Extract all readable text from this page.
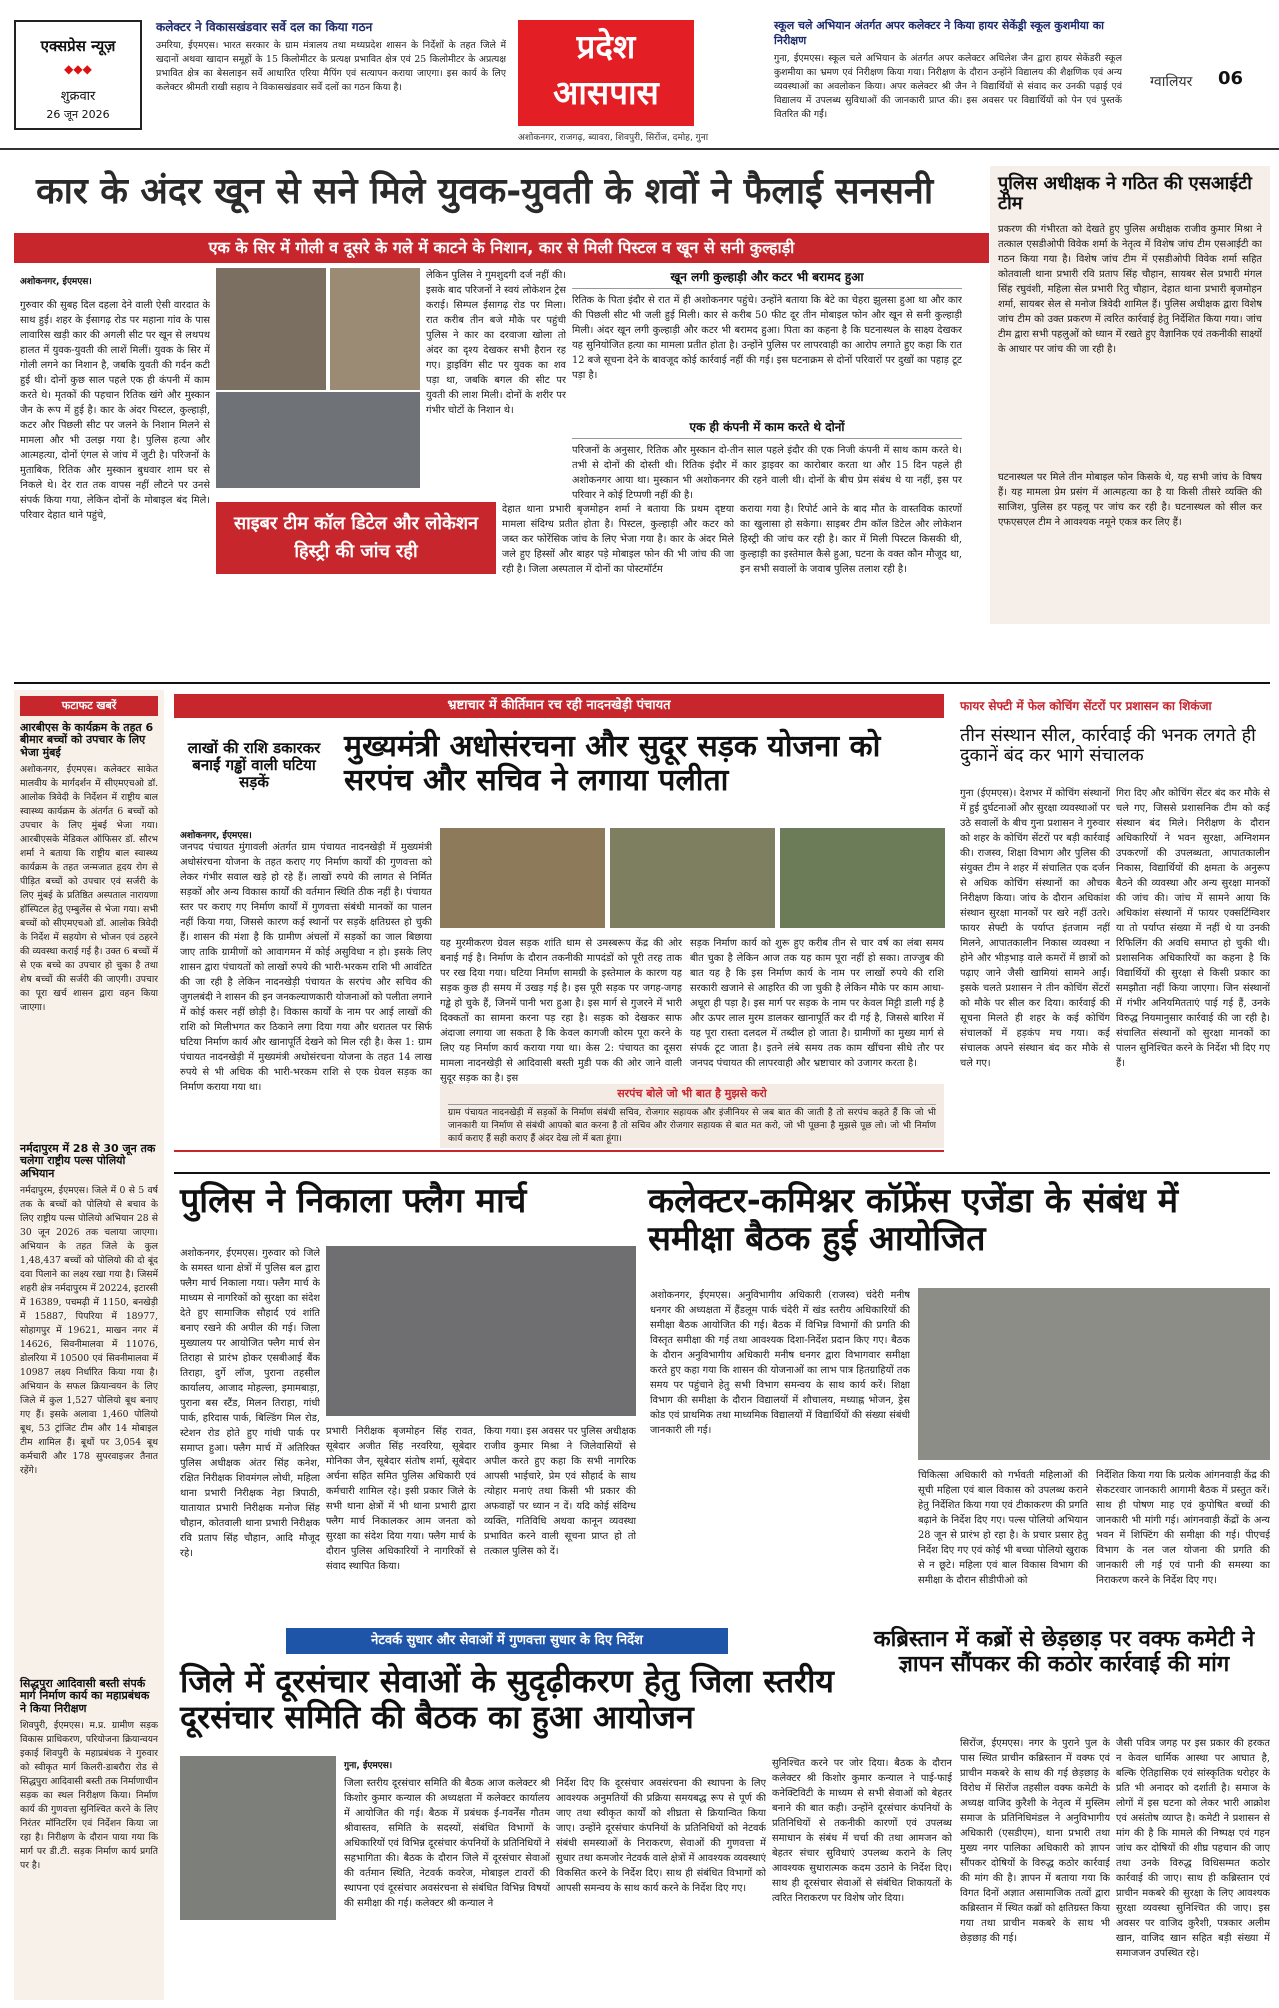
एक्सप्रेस न्यूज़
◆◆◆
शुक्रवार
26 जून 2026
कलेक्टर ने विकासखंडवार सर्वे दल का किया गठन
उमरिया, ईएमएस। भारत सरकार के ग्राम मंत्रालय तथा मध्यप्रदेश शासन के निर्देशों के तहत जिले में खदानों अथवा खादान समूहों के 15 किलोमीटर के प्रत्यक्ष प्रभावित क्षेत्र एवं 25 किलोमीटर के अप्रत्यक्ष प्रभावित क्षेत्र का बेसलाइन सर्वे आधारित एरिया मैपिंग एवं सत्यापन कराया जाएगा। इस कार्य के लिए कलेक्टर श्रीमती राखी सहाय ने विकासखंडवार सर्वे दलों का गठन किया है।
प्रदेश
आसपास
अशोकनगर, राजगढ़, ब्यावरा, शिवपुरी, सिरोंज, दमोह, गुना
स्कूल चले अभियान अंतर्गत अपर कलेक्टर ने किया हायर सेकेंड्री स्कूल कुशमीया का निरीक्षण
गुना, ईएमएस। स्कूल चले अभियान के अंतर्गत अपर कलेक्टर अधिलेश जैन द्वारा हायर सेकेंडरी स्कूल कुशमीया का भ्रमण एवं निरीक्षण किया गया। निरीक्षण के दौरान उन्होंने विद्यालय की शैक्षणिक एवं अन्य व्यवस्थाओं का अवलोकन किया। अपर कलेक्टर श्री जैन ने विद्यार्थियों से संवाद कर उनकी पढ़ाई एवं विद्यालय में उपलब्ध सुविधाओं की जानकारी प्राप्त की। इस अवसर पर विद्यार्थियों को पेन एवं पुस्तकें वितरित की गईं।
ग्वालियर 06
कार के अंदर खून से सने मिले युवक-युवती के शवों ने फैलाई सनसनी
एक के सिर में गोली व दूसरे के गले में काटने के निशान, कार से मिली पिस्टल व खून से सनी कुल्हाड़ी
अशोकनगर, ईएमएस।
गुरुवार की सुबह दिल दहला देने वाली ऐसी वारदात के साथ हुई। शहर के ईसागढ़ रोड पर महाना गांव के पास लावारिस खड़ी कार की अगली सीट पर खून से लथपथ हालत में युवक-युवती की लाशें मिलीं। युवक के सिर में गोली लगने का निशान है, जबकि युवती की गर्दन कटी हुई थी। दोनों कुछ साल पहले एक ही कंपनी में काम करते थे। मृतकों की पहचान रितिक खंगे और मुस्कान जैन के रूप में हुई है। कार के अंदर पिस्टल, कुल्हाड़ी, कटर और पिछली सीट पर जलने के निशान मिलने से मामला और भी उलझ गया है। पुलिस हत्या और आत्महत्या, दोनों एंगल से जांच में जुटी है। परिजनों के मुताबिक, रितिक और मुस्कान बुधवार शाम घर से निकले थे। देर रात तक वापस नहीं लौटने पर उनसे संपर्क किया गया, लेकिन दोनों के मोबाइल बंद मिले। परिवार देहात थाने पहुंचे,
लेकिन पुलिस ने गुमशुदगी दर्ज नहीं की। इसके बाद परिजनों ने स्वयं लोकेशन ट्रेस कराई। सिम्पल ईसागढ़ रोड पर मिला। रात करीब तीन बजे मौके पर पहुंची पुलिस ने कार का दरवाजा खोला तो अंदर का दृश्य देखकर सभी हैरान रह गए। ड्राइविंग सीट पर युवक का शव पड़ा था, जबकि बगल की सीट पर युवती की लाश मिली। दोनों के शरीर पर गंभीर चोटों के निशान थे।
खून लगी कुल्हाड़ी और कटर भी बरामद हुआ
रितिक के पिता इंदौर से रात में ही अशोकनगर पहुंचे। उन्होंने बताया कि बेटे का चेहरा झुलसा हुआ था और कार की पिछली सीट भी जली हुई मिली। कार से करीब 50 फीट दूर तीन मोबाइल फोन और खून से सनी कुल्हाड़ी मिली। अंदर खून लगी कुल्हाड़ी और कटर भी बरामद हुआ। पिता का कहना है कि घटनास्थल के साक्ष्य देखकर यह सुनियोजित हत्या का मामला प्रतीत होता है। उन्होंने पुलिस पर लापरवाही का आरोप लगाते हुए कहा कि रात 12 बजे सूचना देने के बावजूद कोई कार्रवाई नहीं की गई। इस घटनाक्रम से दोनों परिवारों पर दुखों का पहाड़ टूट पड़ा है।
एक ही कंपनी में काम करते थे दोनों
परिजनों के अनुसार, रितिक और मुस्कान दो-तीन साल पहले इंदौर की एक निजी कंपनी में साथ काम करते थे। तभी से दोनों की दोस्ती थी। रितिक इंदौर में कार ड्राइवर का कारोबार करता था और 15 दिन पहले ही अशोकनगर आया था। मुस्कान भी अशोकनगर की रहने वाली थी। दोनों के बीच प्रेम संबंध थे या नहीं, इस पर परिवार ने कोई टिप्पणी नहीं की है।
साइबर टीम कॉल डिटेल और लोकेशन हिस्ट्री की जांच रही
देहात थाना प्रभारी बृजमोहन शर्मा ने बताया कि प्रथम दृष्टया मामला संदिग्ध प्रतीत होता है। पिस्टल, कुल्हाड़ी और कटर को जब्त कर फोरेंसिक जांच के लिए भेजा गया है। कार के अंदर मिले जले हुए हिस्सों और बाहर पड़े मोबाइल फोन की भी जांच की जा रही है। जिला अस्पताल में दोनों का पोस्टमॉर्टम
कराया गया है। रिपोर्ट आने के बाद मौत के वास्तविक कारणों का खुलासा हो सकेगा। साइबर टीम कॉल डिटेल और लोकेशन हिस्ट्री की जांच कर रही है। कार में मिली पिस्टल किसकी थी, कुल्हाड़ी का इस्तेमाल कैसे हुआ, घटना के वक्त कौन मौजूद था, इन सभी सवालों के जवाब पुलिस तलाश रही है।
पुलिस अधीक्षक ने गठित की एसआईटी टीम
प्रकरण की गंभीरता को देखते हुए पुलिस अधीक्षक राजीव कुमार मिश्रा ने तत्काल एसडीओपी विवेक शर्मा के नेतृत्व में विशेष जांच टीम एसआईटी का गठन किया गया है। विशेष जांच टीम में एसडीओपी विवेक शर्मा सहित कोतवाली थाना प्रभारी रवि प्रताप सिंह चौहान, सायबर सेल प्रभारी मंगल सिंह रघुवंशी, महिला सेल प्रभारी रितु चौहान, देहात थाना प्रभारी बृजमोहन शर्मा, सायबर सेल से मनोज त्रिवेदी शामिल हैं। पुलिस अधीक्षक द्वारा विशेष जांच टीम को उक्त प्रकरण में त्वरित कार्रवाई हेतु निर्देशित किया गया। जांच टीम द्वारा सभी पहलुओं को ध्यान में रखते हुए वैज्ञानिक एवं तकनीकी साक्ष्यों के आधार पर जांच की जा रही है।
घटनास्थल पर मिले तीन मोबाइल फोन किसके थे, यह सभी जांच के विषय हैं। यह मामला प्रेम प्रसंग में आत्महत्या का है या किसी तीसरे व्यक्ति की साजिश, पुलिस हर पहलू पर जांच कर रही है। घटनास्थल को सील कर एफएसएल टीम ने आवश्यक नमूने एकत्र कर लिए हैं।
फटाफट खबरें
आरबीएस के कार्यक्रम के तहत 6 बीमार बच्चों को उपचार के लिए भेजा मुंबई
अशोकनगर, ईएमएस। कलेक्टर साकेत मालवीय के मार्गदर्शन में सीएमएचओ डॉ. आलोक त्रिवेदी के निर्देशन में राष्ट्रीय बाल स्वास्थ्य कार्यक्रम के अंतर्गत 6 बच्चों को उपचार के लिए मुंबई भेजा गया। आरबीएसके मेडिकल ऑफिसर डॉ. सौरभ शर्मा ने बताया कि राष्ट्रीय बाल स्वास्थ्य कार्यक्रम के तहत जन्मजात हृदय रोग से पीड़ित बच्चों को उपचार एवं सर्जरी के लिए मुंबई के प्रतिष्ठित अस्पताल नारायणा हॉस्पिटल हेतु एम्बुलेंस से भेजा गया। सभी बच्चों को सीएमएचओ डॉ. आलोक त्रिवेदी के निर्देश में सहयोग से भोजन एवं ठहरने की व्यवस्था कराई गई है। उक्त 6 बच्चों में से एक बच्चे का उपचार हो चुका है तथा शेष बच्चों की सर्जरी की जाएगी। उपचार का पूरा खर्च शासन द्वारा वहन किया जाएगा।
नर्मदापुरम में 28 से 30 जून तक चलेगा राष्ट्रीय पल्स पोलियो अभियान
नर्मदापुरम, ईएमएस। जिले में 0 से 5 वर्ष तक के बच्चों को पोलियो से बचाव के लिए राष्ट्रीय पल्स पोलियो अभियान 28 से 30 जून 2026 तक चलाया जाएगा। अभियान के तहत जिले के कुल 1,48,437 बच्चों को पोलियो की दो बूंद दवा पिलाने का लक्ष्य रखा गया है। जिसमें शहरी क्षेत्र नर्मदापुरम में 20224, इटारसी में 16389, पचमढ़ी में 1150, बनखेड़ी में 15887, पिपरिया में 18977, सोहागपुर में 19621, माखन नगर में 14626, सिवनीमालवा में 11076, डोलरिया में 10500 एवं सिवनीमालवा में 10987 लक्ष्य निर्धारित किया गया है। अभियान के सफल क्रियान्वयन के लिए जिले में कुल 1,527 पोलियो बूथ बनाए गए हैं। इसके अलावा 1,460 पोलियो बूथ, 53 ट्रांजिट टीम और 14 मोबाइल टीम शामिल हैं। बूथों पर 3,054 बूथ कर्मचारी और 178 सुपरवाइजर तैनात रहेंगे।
सिद्धपुरा आदिवासी बस्ती संपर्क मार्ग निर्माण कार्य का महाप्रबंधक ने किया निरीक्षण
शिवपुरी, ईएमएस। म.प्र. ग्रामीण सड़क विकास प्राधिकरण, परियोजना क्रियान्वयन इकाई शिवपुरी के महाप्रबंधक ने गुरुवार को स्वीकृत मार्ग किलरी-डाबरौरा रोड से सिद्धपुरा आदिवासी बस्ती तक निर्माणाधीन सड़क का स्थल निरीक्षण किया। निर्माण कार्य की गुणवत्ता सुनिश्चित करने के लिए निरंतर मॉनिटरिंग एवं निर्देशन किया जा रहा है। निरीक्षण के दौरान पाया गया कि मार्ग पर डी.टी. सड़क निर्माण कार्य प्रगति पर है।
भ्रष्टाचार में कीर्तिमान रच रही नादनखेड़ी पंचायत
लाखों की राशि डकारकर बनाईं गड्ढों वाली घटिया सड़कें
मुख्यमंत्री अधोसंरचना और सुदूर सड़क योजना को सरपंच और सचिव ने लगाया पलीता
अशोकनगर, ईएमएस।
जनपद पंचायत मुंगावली अंतर्गत ग्राम पंचायत नादनखेड़ी में मुख्यमंत्री अधोसंरचना योजना के तहत कराए गए निर्माण कार्यों की गुणवत्ता को लेकर गंभीर सवाल खड़े हो रहे हैं। लाखों रुपये की लागत से निर्मित सड़कों और अन्य विकास कार्यों की वर्तमान स्थिति ठीक नहीं है। पंचायत स्तर पर कराए गए निर्माण कार्यों में गुणवत्ता संबंधी मानकों का पालन नहीं किया गया, जिससे कारण कई स्थानों पर सड़कें क्षतिग्रस्त हो चुकी हैं। शासन की मंशा है कि ग्रामीण अंचलों में सड़कों का जाल बिछाया जाए ताकि ग्रामीणों को आवागमन में कोई असुविधा न हो। इसके लिए शासन द्वारा पंचायतों को लाखों रुपये की भारी-भरकम राशि भी आवंटित की जा रही है लेकिन नादनखेड़ी पंचायत के सरपंच और सचिव की जुगलबंदी ने शासन की इन जनकल्याणकारी योजनाओं को पलीता लगाने में कोई कसर नहीं छोड़ी है। विकास कार्यों के नाम पर आई लाखों की राशि को मिलीभगत कर ठिकाने लगा दिया गया और धरातल पर सिर्फ घटिया निर्माण कार्य और खानापूर्ति देखने को मिल रही है। केस 1: ग्राम पंचायत नादनखेड़ी में मुख्यमंत्री अधोसंरचना योजना के तहत 14 लाख रुपये से भी अधिक की भारी-भरकम राशि से एक ग्रेवल सड़क का निर्माण कराया गया था।
यह मुरमीकरण ग्रेवल सड़क शांति धाम से उमस्बरूप केंद्र की ओर बनाई गई है। निर्माण के दौरान तकनीकी मापदंडों को पूरी तरह ताक पर रख दिया गया। घटिया निर्माण सामग्री के इस्तेमाल के कारण यह सड़क कुछ ही समय में उखड़ गई है। इस पूरी सड़क पर जगह-जगह गड्ढे हो चुके हैं, जिनमें पानी भरा हुआ है। इस मार्ग से गुजरने में भारी दिक्कतों का सामना करना पड़ रहा है। सड़क को देखकर साफ अंदाजा लगाया जा सकता है कि केवल कागजी कोरम पूरा करने के लिए यह निर्माण कार्य कराया गया था। केस 2: पंचायत का दूसरा मामला नादनखेड़ी से आदिवासी बस्ती मुडी पक की ओर जाने वाली सुदूर सड़क का है। इस
सड़क निर्माण कार्य को शुरू हुए करीब तीन से चार वर्ष का लंबा समय बीत चुका है लेकिन आज तक यह काम पूरा नहीं हो सका। ताज्जुब की बात यह है कि इस निर्माण कार्य के नाम पर लाखों रुपये की राशि सरकारी खजाने से आहरित की जा चुकी है लेकिन मौके पर काम आधा-अधूरा ही पड़ा है। इस मार्ग पर सड़क के नाम पर केवल मिट्टी डाली गई है और ऊपर लाल मुरम डालकर खानापूर्ति कर दी गई है, जिससे बारिश में यह पूरा रास्ता दलदल में तब्दील हो जाता है। ग्रामीणों का मुख्य मार्ग से संपर्क टूट जाता है। इतने लंबे समय तक काम खींचना सीधे तौर पर जनपद पंचायत की लापरवाही और भ्रष्टाचार को उजागर करता है।
फायर सेफ्टी में फेल कोचिंग सेंटरों पर प्रशासन का शिकंजा
तीन संस्थान सील, कार्रवाई की भनक लगते ही दुकानें बंद कर भागे संचालक
गुना (ईएमएस)। देशभर में कोचिंग संस्थानों में हुई दुर्घटनाओं और सुरक्षा व्यवस्थाओं पर उठे सवालों के बीच गुना प्रशासन ने गुरुवार को शहर के कोचिंग सेंटरों पर बड़ी कार्रवाई की। राजस्व, शिक्षा विभाग और पुलिस की संयुक्त टीम ने शहर में संचालित एक दर्जन से अधिक कोचिंग संस्थानों का औचक निरीक्षण किया। जांच के दौरान अधिकांश संस्थान सुरक्षा मानकों पर खरे नहीं उतरे। फायर सेफ्टी के पर्याप्त इंतजाम नहीं मिलने, आपातकालीन निकास व्यवस्था न होने और भीड़भाड़ वाले कमरों में छात्रों को पढ़ाए जाने जैसी खामियां सामने आईं। इसके चलते प्रशासन ने तीन कोचिंग सेंटरों को मौके पर सील कर दिया। कार्रवाई की सूचना मिलते ही शहर के कई कोचिंग संचालकों में हड़कंप मच गया। कई संचालक अपने संस्थान बंद कर मौके से चले गए।
गिरा दिए और कोचिंग सेंटर बंद कर मौके से चले गए, जिससे प्रशासनिक टीम को कई संस्थान बंद मिले। निरीक्षण के दौरान अधिकारियों ने भवन सुरक्षा, अग्निशमन उपकरणों की उपलब्धता, आपातकालीन निकास, विद्यार्थियों की क्षमता के अनुरूप बैठने की व्यवस्था और अन्य सुरक्षा मानकों की जांच की। जांच में सामने आया कि अधिकांश संस्थानों में फायर एक्सटिंग्विशर या तो पर्याप्त संख्या में नहीं थे या उनकी रिफिलिंग की अवधि समाप्त हो चुकी थी। प्रशासनिक अधिकारियों का कहना है कि विद्यार्थियों की सुरक्षा से किसी प्रकार का समझौता नहीं किया जाएगा। जिन संस्थानों में गंभीर अनियमितताएं पाई गई हैं, उनके विरुद्ध नियमानुसार कार्रवाई की जा रही है। संचालित संस्थानों को सुरक्षा मानकों का पालन सुनिश्चित करने के निर्देश भी दिए गए हैं।
पुलिस ने निकाला फ्लैग मार्च
अशोकनगर, ईएमएस। गुरुवार को जिले के समस्त थाना क्षेत्रों में पुलिस बल द्वारा फ्लैग मार्च निकाला गया। फ्लैग मार्च के माध्यम से नागरिकों को सुरक्षा का संदेश देते हुए सामाजिक सौहार्द एवं शांति बनाए रखने की अपील की गई। जिला मुख्यालय पर आयोजित फ्लैग मार्च सेन तिराहा से प्रारंभ होकर एसबीआई बैंक तिराहा, दुर्गे लॉज, पुराना तहसील कार्यालय, आजाद मोहल्ला, इमामबाड़ा, पुराना बस स्टैंड, मिलन तिराहा, गांधी पार्क, हरिदास पार्क, बिल्डिंग मिल रोड, स्टेशन रोड होते हुए गांधी पार्क पर समाप्त हुआ। फ्लैग मार्च में अतिरिक्त पुलिस अधीक्षक अंतर सिंह कनेश, रक्षित निरीक्षक शिवमंगल लोधी, महिला थाना प्रभारी निरीक्षक नेहा त्रिपाठी, यातायात प्रभारी निरीक्षक मनोज सिंह चौहान, कोतवाली थाना प्रभारी निरीक्षक रवि प्रताप सिंह चौहान, आदि मौजूद रहे।
प्रभारी निरीक्षक बृजमोहन सिंह रावत, सूबेदार अजीत सिंह नरवरिया, सूबेदार मोनिका जैन, सूबेदार संतोष शर्मा, सूबेदार अर्चना सहित समित पुलिस अधिकारी एवं कर्मचारी शामिल रहे। इसी प्रकार जिले के सभी थाना क्षेत्रों में भी थाना प्रभारी द्वारा फ्लैग मार्च निकालकर आम जनता को सुरक्षा का संदेश दिया गया। फ्लैग मार्च के दौरान पुलिस अधिकारियों ने नागरिकों से संवाद स्थापित किया।
किया गया। इस अवसर पर पुलिस अधीक्षक राजीव कुमार मिश्रा ने जिलेवासियों से अपील करते हुए कहा कि सभी नागरिक आपसी भाईचारे, प्रेम एवं सौहार्द के साथ त्योहार मनाएं तथा किसी भी प्रकार की अफवाहों पर ध्यान न दें। यदि कोई संदिग्ध व्यक्ति, गतिविधि अथवा कानून व्यवस्था प्रभावित करने वाली सूचना प्राप्त हो तो तत्काल पुलिस को दें।
कलेक्टर-कमिश्नर कॉफ्रेंस एजेंडा के संबंध में समीक्षा बैठक हुई आयोजित
अशोकनगर, ईएमएस। अनुविभागीय अधिकारी (राजस्व) चंदेरी मनीष धनगर की अध्यक्षता में हैंडलूम पार्क चंदेरी में खंड स्तरीय अधिकारियों की समीक्षा बैठक आयोजित की गई। बैठक में विभिन्न विभागों की प्रगति की विस्तृत समीक्षा की गई तथा आवश्यक दिशा-निर्देश प्रदान किए गए। बैठक के दौरान अनुविभागीय अधिकारी मनीष धनगर द्वारा विभागवार समीक्षा करते हुए कहा गया कि शासन की योजनाओं का लाभ पात्र हितग्राहियों तक समय पर पहुंचाने हेतु सभी विभाग समन्वय के साथ कार्य करें। शिक्षा विभाग की समीक्षा के दौरान विद्यालयों में शौचालय, मध्याह्न भोजन, ड्रेस कोड एवं प्राथमिक तथा माध्यमिक विद्यालयों में विद्यार्थियों की संख्या संबंधी जानकारी ली गई।
चिकित्सा अधिकारी को गर्भवती महिलाओं की सूची महिला एवं बाल विकास को उपलब्ध कराने हेतु निर्देशित किया गया एवं टीकाकरण की प्रगति बढ़ाने के निर्देश दिए गए। पल्स पोलियो अभियान 28 जून से प्रारंभ हो रहा है। के प्रचार प्रसार हेतु निर्देश दिए गए एवं कोई भी बच्चा पोलियो खुराक से न छूटे। महिला एवं बाल विकास विभाग की समीक्षा के दौरान सीडीपीओ को
निर्देशित किया गया कि प्रत्येक आंगनवाड़ी केंद्र की सेकटरवार जानकारी आगामी बैठक में प्रस्तुत करें। साथ ही पोषण माह एवं कुपोषित बच्चों की जानकारी भी मांगी गई। आंगनवाड़ी केंद्रों के अन्य भवन में शिफ्टिंग की समीक्षा की गई। पीएचई विभाग के नल जल योजना की प्रगति की जानकारी ली गई एवं पानी की समस्या का निराकरण करने के निर्देश दिए गए।
नेटवर्क सुधार और सेवाओं में गुणवत्ता सुधार के दिए निर्देश
जिले में दूरसंचार सेवाओं के सुदृढ़ीकरण हेतु जिला स्तरीय दूरसंचार समिति की बैठक का हुआ आयोजन
गुना, ईएमएस।
जिला स्तरीय दूरसंचार समिति की बैठक आज कलेक्टर श्री किशोर कुमार कन्याल की अध्यक्षता में कलेक्टर कार्यालय में आयोजित की गई। बैठक में प्रबंधक ई-गवर्नेंस गौतम श्रीवास्तव, समिति के सदस्यों, संबंधित विभागों के अधिकारियों एवं विभिन्न दूरसंचार कंपनियों के प्रतिनिधियों ने सहभागिता की। बैठक के दौरान जिले में दूरसंचार सेवाओं की वर्तमान स्थिति, नेटवर्क कवरेज, मोबाइल टावरों की स्थापना एवं दूरसंचार अवसंरचना से संबंधित विभिन्न विषयों की समीक्षा की गई। कलेक्टर श्री कन्याल ने
निर्देश दिए कि दूरसंचार अवसंरचना की स्थापना के लिए आवश्यक अनुमतियों की प्रक्रिया समयबद्ध रूप से पूर्ण की जाए तथा स्वीकृत कार्यों को शीघ्रता से क्रियान्वित किया जाए। उन्होंने दूरसंचार कंपनियों के प्रतिनिधियों को नेटवर्क संबंधी समस्याओं के निराकरण, सेवाओं की गुणवत्ता में सुधार तथा कमजोर नेटवर्क वाले क्षेत्रों में आवश्यक व्यवस्थाएं विकसित करने के निर्देश दिए। साथ ही संबंधित विभागों को आपसी समन्वय के साथ कार्य करने के निर्देश दिए गए।
सुनिश्चित करने पर जोर दिया। बैठक के दौरान कलेक्टर श्री किशोर कुमार कन्याल ने पाई-फाई कनेक्टिविटी के माध्यम से सभी सेवाओं को बेहतर बनाने की बात कही। उन्होंने दूरसंचार कंपनियों के प्रतिनिधियों से तकनीकी कारणों एवं उपलब्ध समाधान के संबंध में चर्चा की तथा आमजन को बेहतर संचार सुविधाएं उपलब्ध कराने के लिए आवश्यक सुधारात्मक कदम उठाने के निर्देश दिए। साथ ही दूरसंचार सेवाओं से संबंधित शिकायतों के त्वरित निराकरण पर विशेष जोर दिया।
कब्रिस्तान में कब्रों से छेड़छाड़ पर वक्फ कमेटी ने ज्ञापन सौंपकर की कठोर कार्रवाई की मांग
सिरोंज, ईएमएस। नगर के पुराने पुल के पास स्थित प्राचीन कब्रिस्तान में वक्फ एवं प्राचीन मकबरे के साथ की गई छेड़छाड़ के विरोध में सिरोंज तहसील वक्फ कमेटी के अध्यक्ष वाजिद कुरैशी के नेतृत्व में मुस्लिम समाज के प्रतिनिधिमंडल ने अनुविभागीय अधिकारी (एसडीएम), थाना प्रभारी तथा मुख्य नगर पालिका अधिकारी को ज्ञापन सौंपकर दोषियों के विरुद्ध कठोर कार्रवाई की मांग की है। ज्ञापन में बताया गया कि विगत दिनों अज्ञात असामाजिक तत्वों द्वारा कब्रिस्तान में स्थित कब्रों को क्षतिग्रस्त किया गया तथा प्राचीन मकबरे के साथ भी छेड़छाड़ की गई।
जैसी पवित्र जगह पर इस प्रकार की हरकत न केवल धार्मिक आस्था पर आघात है, बल्कि ऐतिहासिक एवं सांस्कृतिक धरोहर के प्रति भी अनादर को दर्शाती है। समाज के लोगों में इस घटना को लेकर भारी आक्रोश एवं असंतोष व्याप्त है। कमेटी ने प्रशासन से मांग की है कि मामले की निष्पक्ष एवं गहन जांच कर दोषियों की शीघ्र पहचान की जाए तथा उनके विरुद्ध विधिसम्मत कठोर कार्रवाई की जाए। साथ ही कब्रिस्तान एवं प्राचीन मकबरे की सुरक्षा के लिए आवश्यक सुरक्षा व्यवस्था सुनिश्चित की जाए। इस अवसर पर वाजिद कुरैशी, पत्रकार अलीम खान, वाजिद खान सहित बड़ी संख्या में समाजजन उपस्थित रहे।
सरपंच बोले जो भी बात है मुझसे करो
ग्राम पंचायत नादनखेड़ी में सड़कों के निर्माण संबंधी सचिव, रोजगार सहायक और इंजीनियर से जब बात की जाती है तो सरपंच कहते हैं कि जो भी जानकारी या निर्माण से संबंधी आपको बात करना है तो सचिव और रोजगार सहायक से बात मत करो, जो भी पूछना है मुझसे पूछ लो। जो भी निर्माण कार्य कराए हैं सही कराए हैं अंदर देख लो में बता हूंगा।
